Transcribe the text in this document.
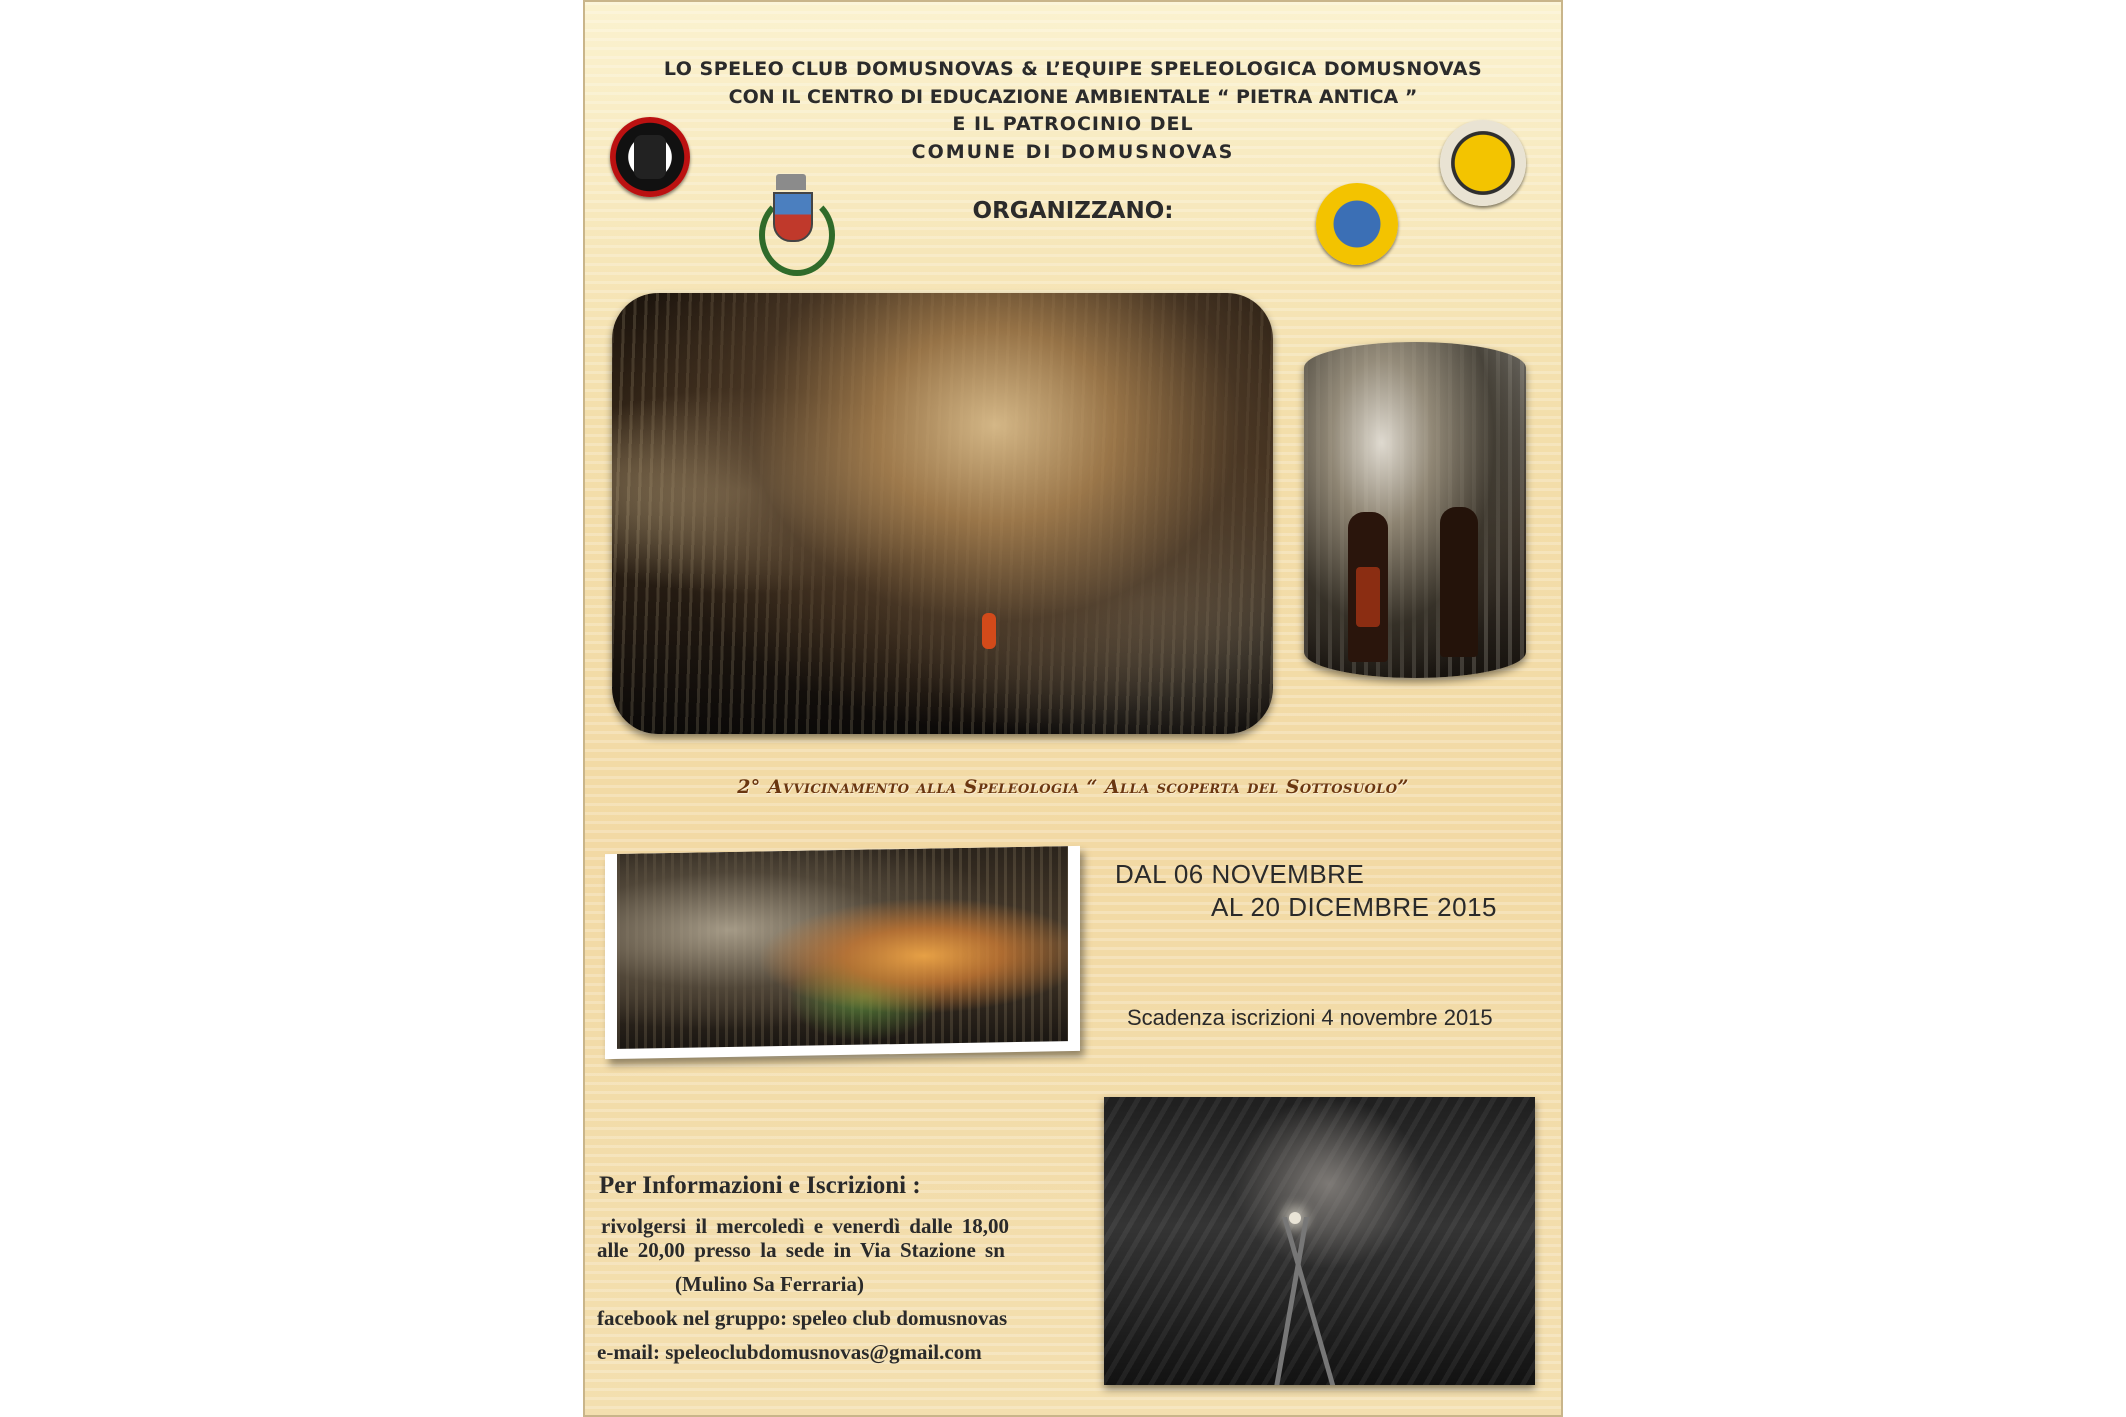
LO SPELEO CLUB DOMUSNOVAS & L’EQUIPE SPELEOLOGICA DOMUSNOVAS
CON IL CENTRO DI EDUCAZIONE AMBIENTALE “ PIETRA ANTICA ”
E IL PATROCINIO DEL
COMUNE DI DOMUSNOVAS
ORGANIZZANO:
2° Avvicinamento alla Speleologia “ Alla scoperta del Sottosuolo”
DAL 06 NOVEMBRE
AL 20 DICEMBRE 2015
Scadenza iscrizioni 4 novembre 2015
Per Informazioni e Iscrizioni :
rivolgersi il mercoledì e venerdì dalle 18,00
alle 20,00 presso la sede in Via Stazione sn
(Mulino Sa Ferraria)
facebook nel gruppo: speleo club domusnovas
e-mail: speleoclubdomusnovas@gmail.com
